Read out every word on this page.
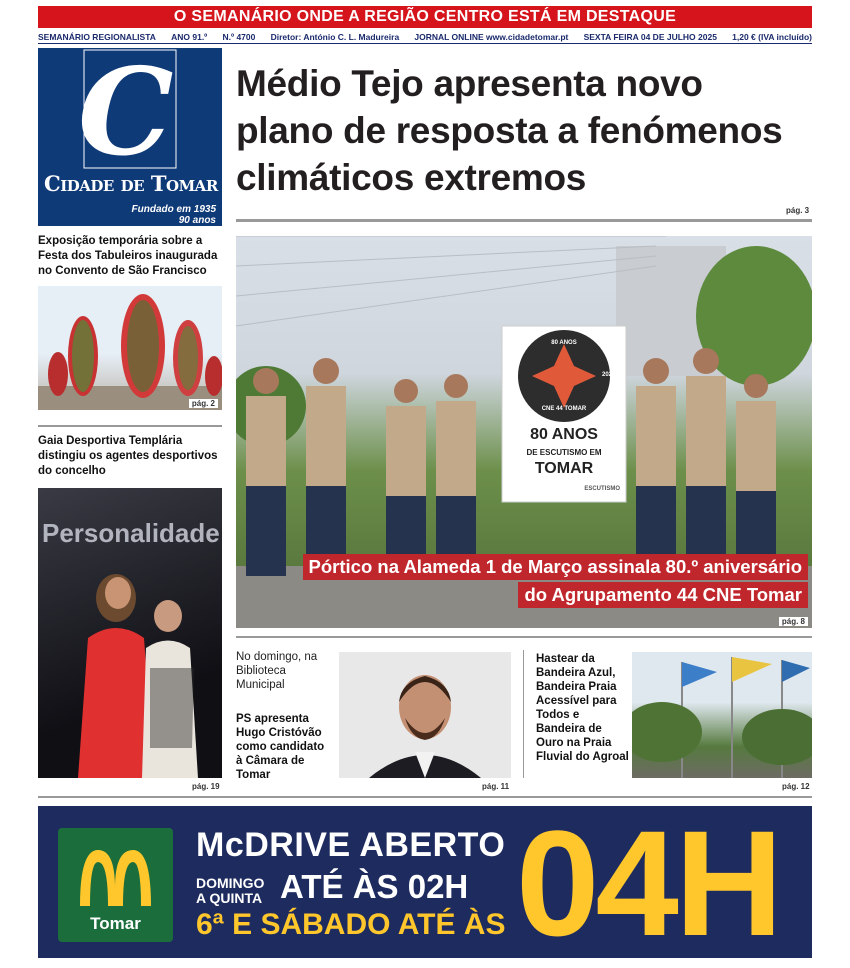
O SEMANÁRIO ONDE A REGIÃO CENTRO ESTÁ EM DESTAQUE
SEMANÁRIO REGIONALISTA ANO 91.º N.º 4700 Diretor: António C. L. Madureira JORNAL ONLINE www.cidadetomar.pt SEXTA FEIRA 04 DE JULHO 2025 1,20 € (IVA incluído)
C
Cidade de Tomar
Fundado em 1935
90 anos
Médio Tejo apresenta novo plano de resposta a fenómenos climáticos extremos
pág. 3
Exposição temporária sobre a Festa dos Tabuleiros inaugurada no Convento de São Francisco
pág. 2
Gaia Desportiva Templária distingiu os agentes desportivos do concelho
Personalidade
pág. 19
80 ANOS
1945	2025
CNE 44 TOMAR
80 ANOS
DE ESCUTISMO EM
TOMAR
ESCUTISMO
pág. 8
Pórtico na Alameda 1 de Março assinala 80.º aniversário
do Agrupamento 44 CNE Tomar
No domingo, na Biblioteca Municipal
PS apresenta Hugo Cristóvão como candidato à Câmara de Tomar
pág. 11
Hastear da Bandeira Azul, Bandeira Praia Acessível para Todos e Bandeira de Ouro na Praia Fluvial do Agroal
pág. 12
Tomar
McDRIVE ABERTO
DOMINGO
A QUINTA ATÉ ÀS 02H
6ª E SÁBADO ATÉ ÀS 04H
